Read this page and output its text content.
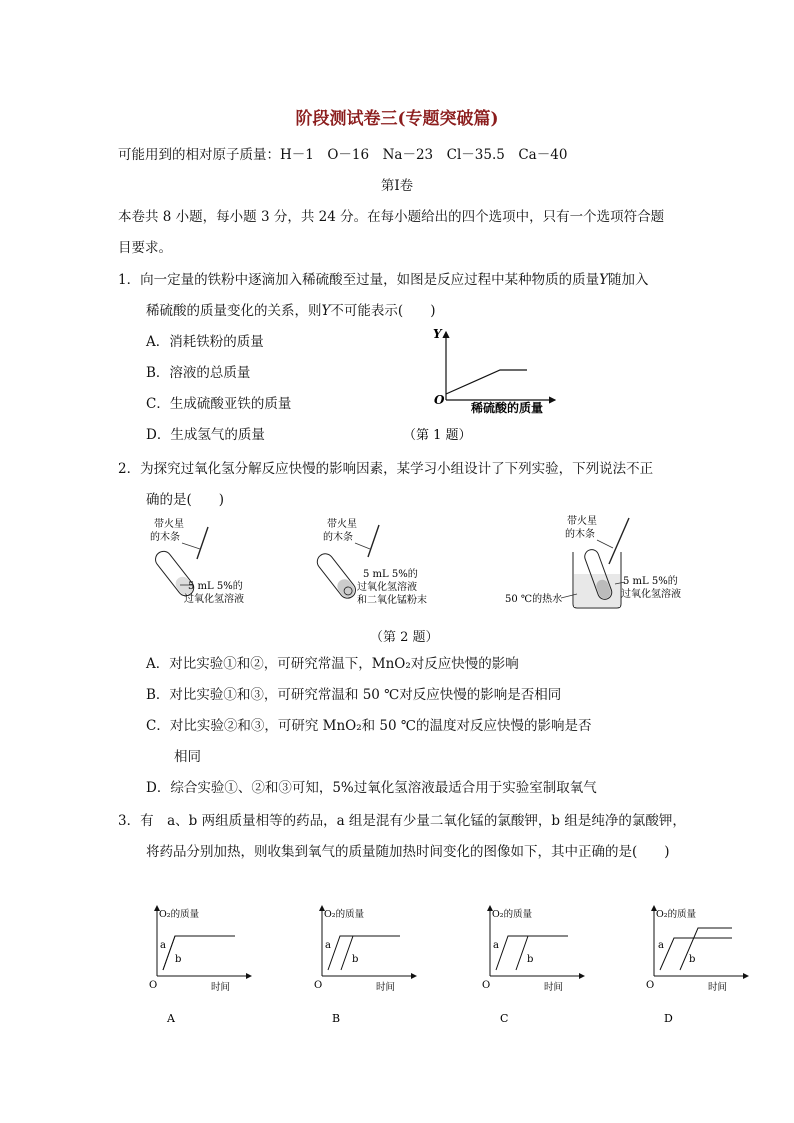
阶段测试卷三(专题突破篇)
可能用到的相对原子质量：H－1　O－16　Na－23　Cl－35.5　Ca－40
第Ⅰ卷
本卷共 8 小题，每小题 3 分，共 24 分。在每小题给出的四个选项中，只有一个选项符合题
目要求。
1．向一定量的铁粉中逐滴加入稀硫酸至过量，如图是反应过程中某种物质的质量Y随加入
稀硫酸的质量变化的关系，则Y不可能表示(　　)
A．消耗铁粉的质量
B．溶液的总质量
C．生成硫酸亚铁的质量
D．生成氢气的质量
Y
O
稀硫酸的质量
（第 1 题）
2．为探究过氧化氢分解反应快慢的影响因素，某学习小组设计了下列实验，下列说法不正
确的是(　　)
带火星
的木条
5 mL 5%的
过氧化氢溶液
带火星
的木条
5 mL 5%的
过氧化氢溶液
和二氧化锰粉末
带火星
的木条
50 ℃的热水
5 mL 5%的
过氧化氢溶液
（第 2 题）
A．对比实验①和②，可研究常温下，MnO₂对反应快慢的影响
B．对比实验①和③，可研究常温和 50 ℃对反应快慢的影响是否相同
C．对比实验②和③，可研究 MnO₂和 50 ℃的温度对反应快慢的影响是否
相同
D．综合实验①、②和③可知，5%过氧化氢溶液最适合用于实验室制取氧气
3．有　a、b 两组质量相等的药品，a 组是混有少量二氧化锰的氯酸钾，b 组是纯净的氯酸钾，
将药品分别加热，则收集到氧气的质量随加热时间变化的图像如下，其中正确的是(　　)
O₂的质量
a
b
O	时间
A
O₂的质量
a
b
O	时间
B
O₂的质量
a
b
O	时间
C
O₂的质量
a
b
O	时间
D
